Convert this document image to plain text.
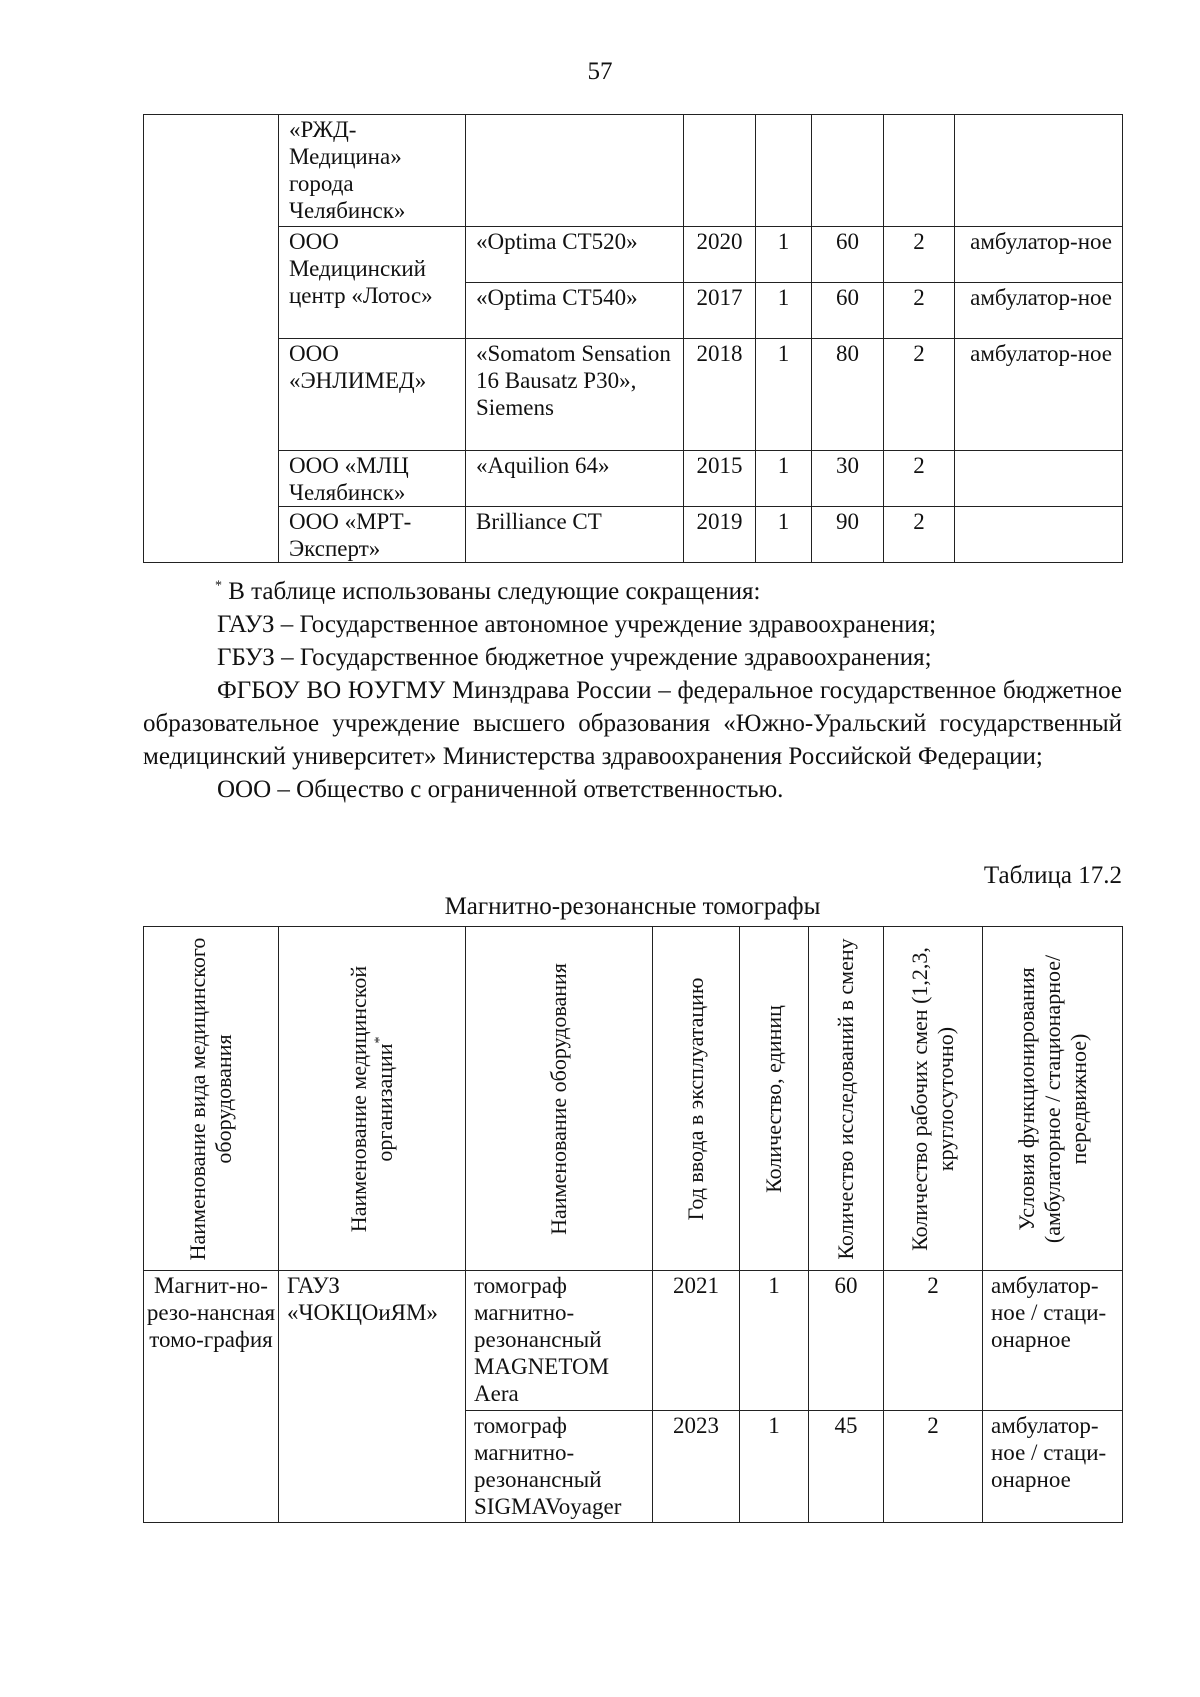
57
	«РЖД-Медицина» города Челябинск»						
	ООО Медицинский центр «Лотос»	«Optima CT520»	2020	1	60	2	амбулатор-ное
		«Optima CT540»	2017	1	60	2	амбулатор-ное
	ООО «ЭНЛИМЕД»	«Somatom Sensation 16 Bausatz P30», Siemens	2018	1	80	2	амбулатор-ное
	ООО «МЛЦ Челябинск»	«Aquilion 64»	2015	1	30	2	
	ООО «МРТ-Эксперт»	Brilliance CT	2019	1	90	2	

* В таблице использованы следующие сокращения:

ГАУЗ – Государственное автономное учреждение здравоохранения;

ГБУЗ – Государственное бюджетное учреждение здравоохранения;

ФГБОУ ВО ЮУГМУ Минздрава России – федеральное государственное бюджетное образовательное учреждение высшего образования «Южно-Уральский государственный медицинский университет» Министерства здравоохранения Российской Федерации;

ООО – Общество с ограниченной ответственностью.

Таблица 17.2
Магнитно-резонансные томографы
Наименование вида медицинского оборудования	Наименование медицинской организации*	Наименование оборудования	Год ввода в эксплуатацию	Количество, единиц	Количество исследований в смену	Количество рабочих смен (1,2,3, круглосуточно)	Условия функционирования (амбулаторное / стационарное/ передвижное)

Магнит-но-резо-нансная томо-графия	ГАУЗ «ЧОКЦОиЯМ»	томограф магнитно-резонансный MAGNETOM Aera	2021	1	60	2	амбулатор-ное / стаци-онарное
		томограф магнитно-резонансный SIGMAVoyager	2023	1	45	2	амбулатор-ное / стаци-онарное
